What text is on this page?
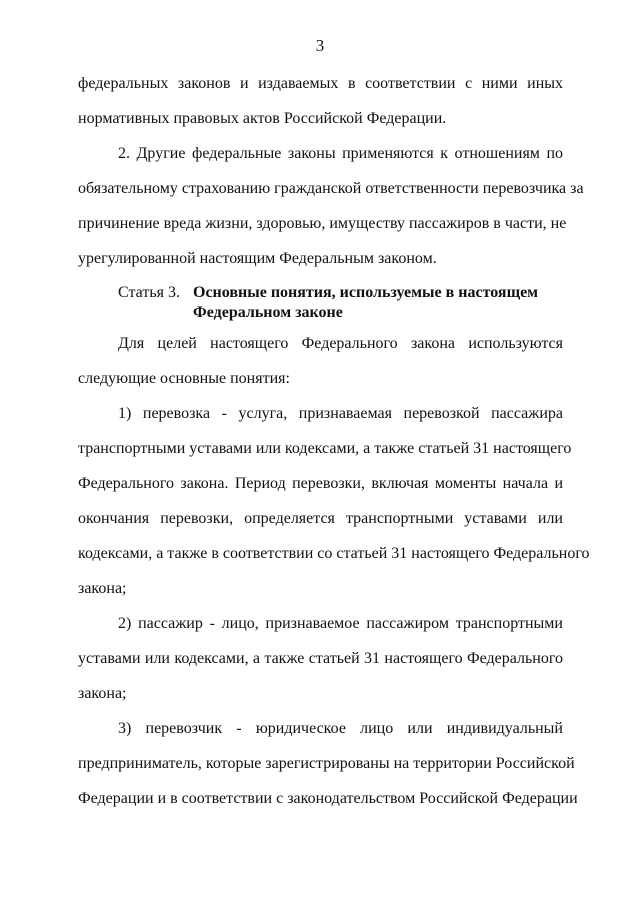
3
федеральных законов и издаваемых в соответствии с ними иных
нормативных правовых актов Российской Федерации.
2. Другие федеральные законы применяются к отношениям по
обязательному страхованию гражданской ответственности перевозчика за
причинение вреда жизни, здоровью, имуществу пассажиров в части, не
урегулированной настоящим Федеральным законом.
Статья 3. Основные понятия, используемые в настоящем
Федеральном законе
Для целей настоящего Федерального закона используются
следующие основные понятия:
1) перевозка - услуга, признаваемая перевозкой пассажира
транспортными уставами или кодексами, а также статьей 31 настоящего
Федерального закона. Период перевозки, включая моменты начала и
окончания перевозки, определяется транспортными уставами или
кодексами, а также в соответствии со статьей 31 настоящего Федерального
закона;
2) пассажир - лицо, признаваемое пассажиром транспортными
уставами или кодексами, а также статьей 31 настоящего Федерального
закона;
3) перевозчик - юридическое лицо или индивидуальный
предприниматель, которые зарегистрированы на территории Российской
Федерации и в соответствии с законодательством Российской Федерации
